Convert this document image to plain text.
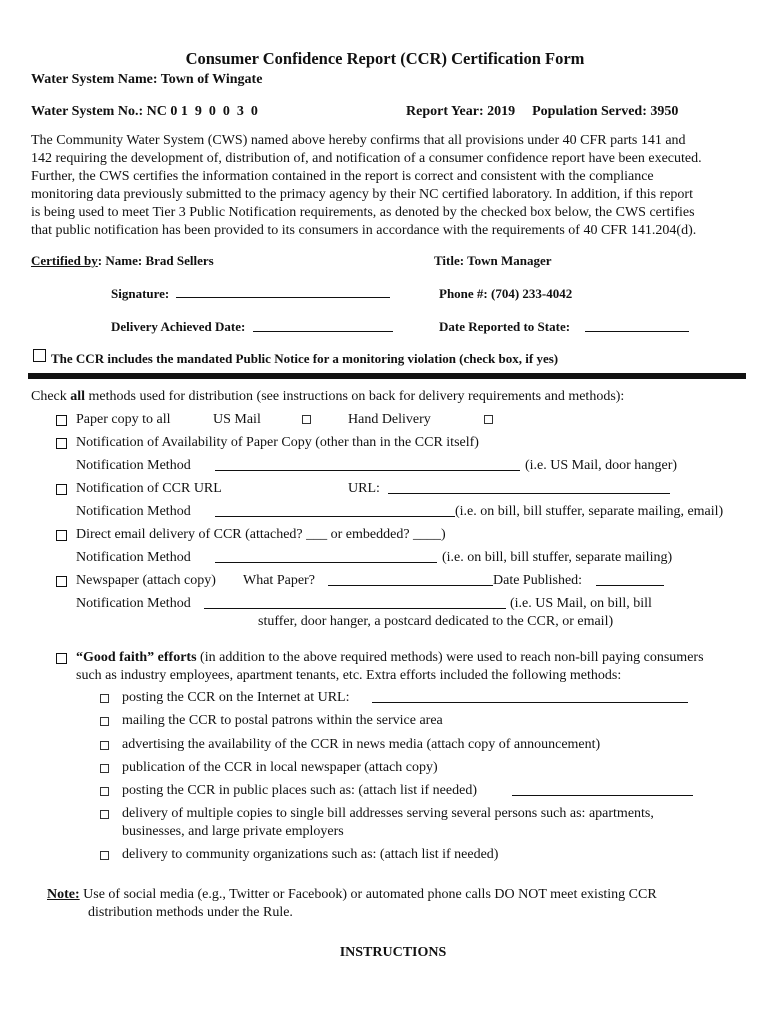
Consumer Confidence Report (CCR) Certification Form
Water System Name: Town of Wingate
Water System No.: NC 0 1  9  0  0  3  0	Report Year: 2019 Population Served: 3950
The Community Water System (CWS) named above hereby confirms that all provisions under 40 CFR parts 141 and
142 requiring the development of, distribution of, and notification of a consumer confidence report have been executed.
Further, the CWS certifies the information contained in the report is correct and consistent with the compliance
monitoring data previously submitted to the primacy agency by their NC certified laboratory. In addition, if this report
is being used to meet Tier 3 Public Notification requirements, as denoted by the checked box below, the CWS certifies
that public notification has been provided to its consumers in accordance with the requirements of 40 CFR 141.204(d).
Certified by: Name: Brad Sellers	Title: Town Manager
Signature:	Phone #: (704) 233-4042
Delivery Achieved Date:	Date Reported to State:
The CCR includes the mandated Public Notice for a monitoring violation (check box, if yes)
Check all methods used for distribution (see instructions on back for delivery requirements and methods):
Paper copy to all	US Mail	Hand Delivery
Notification of Availability of Paper Copy (other than in the CCR itself)
Notification Method	(i.e. US Mail, door hanger)
Notification of CCR URL	URL:
Notification Method	(i.e. on bill, bill stuffer, separate mailing, email)
Direct email delivery of CCR (attached? ___ or embedded? ____)
Notification Method	(i.e. on bill, bill stuffer, separate mailing)
Newspaper (attach copy) What Paper?	Date Published:
Notification Method	(i.e. US Mail, on bill, bill
stuffer, door hanger, a postcard dedicated to the CCR, or email)
“Good faith” efforts (in addition to the above required methods) were used to reach non-bill paying consumers
such as industry employees, apartment tenants, etc. Extra efforts included the following methods:
posting the CCR on the Internet at URL:
mailing the CCR to postal patrons within the service area
advertising the availability of the CCR in news media (attach copy of announcement)
publication of the CCR in local newspaper (attach copy)
posting the CCR in public places such as: (attach list if needed)
delivery of multiple copies to single bill addresses serving several persons such as: apartments,
businesses, and large private employers
delivery to community organizations such as: (attach list if needed)
Note: Use of social media (e.g., Twitter or Facebook) or automated phone calls DO NOT meet existing CCR
distribution methods under the Rule.
INSTRUCTIONS
